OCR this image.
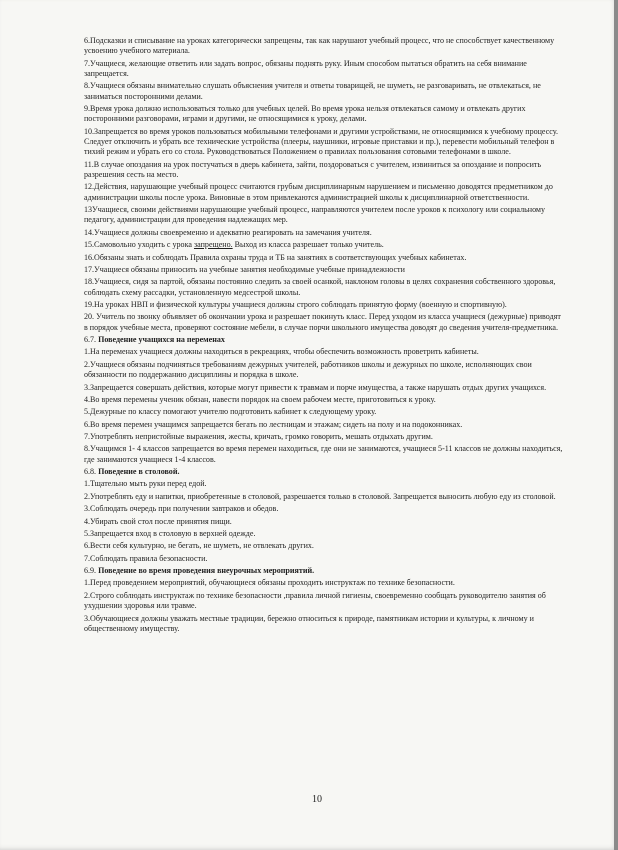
6.Подсказки и списывание на уроках категорически запрещены, так как нарушают учебный процесс, что не способствует качественному усвоению учебного материала.

7.Учащиеся, желающие ответить или задать вопрос, обязаны поднять руку. Иным способом пытаться обратить на себя внимание запрещается.

8.Учащиеся обязаны внимательно слушать объяснения учителя и ответы товарищей, не шуметь, не разговаривать, не отвлекаться, не заниматься посторонними делами.

9.Время урока должно использоваться только для учебных целей. Во время урока нельзя отвлекаться самому и отвлекать других посторонними разговорами, играми и другими, не относящимися к уроку, делами.

10.Запрещается во время уроков пользоваться мобильными телефонами и другими устройствами, не относящимися к учебному процессу. Следует отключить и убрать все технические устройства (плееры, наушники, игровые приставки и пр.), перевести мобильный телефон в тихий режим и убрать его со стола. Руководствоваться Положением о правилах пользования сотовыми телефонами в школе.

11.В случае опоздания на урок постучаться в дверь кабинета, зайти, поздороваться с учителем, извиниться за опоздание и попросить разрешения сесть на место.

12.Действия, нарушающие учебный процесс считаются грубым дисциплинарным нарушением и письменно доводятся предметником до администрации школы после урока. Виновные в этом привлекаются администрацией школы к дисциплинарной ответственности.

13Учащиеся, своими действиями нарушающие учебный процесс, направляются учителем после уроков к психологу или социальному педагогу, администрации для проведения надлежащих мер.

14.Учащиеся должны своевременно и адекватно реагировать на замечания учителя.

15.Самовольно уходить с урока запрещено. Выход из класса разрешает только учитель.

16.Обязаны знать и соблюдать Правила охраны труда и ТБ на занятиях в соответствующих учебных кабинетах.

17.Учащиеся обязаны приносить на учебные занятия необходимые учебные принадлежности

18.Учащиеся, сидя за партой, обязаны постоянно следить за своей осанкой, наклоном головы в целях сохранения собственного здоровья, соблюдать схему рассадки, установленную медсестрой школы.

19.На уроках НВП и физической культуры учащиеся должны строго соблюдать принятую форму (военную и спортивную).

20. Учитель по звонку объявляет об окончании урока и разрешает покинуть класс. Перед уходом из класса учащиеся (дежурные) приводят в порядок учебные места, проверяют состояние мебели, в случае порчи школьного имущества доводят до сведения учителя-предметника.

6.7. Поведение учащихся на переменах

1.На переменах учащиеся должны находиться в рекреациях, чтобы обеспечить возможность проветрить кабинеты.

2.Учащиеся обязаны подчиняться требованиям дежурных учителей, работников школы и дежурных по школе, исполняющих свои обязанности по поддержанию дисциплины и порядка в школе.

3.Запрещается совершать действия, которые могут привести к травмам и порче имущества, а также нарушать отдых других учащихся.

4.Во время перемены ученик обязан, навести порядок на своем рабочем месте, приготовиться к уроку.

5.Дежурные по классу помогают учителю подготовить кабинет к следующему уроку.

6.Во время перемен учащимся запрещается бегать по лестницам и этажам; сидеть на полу и на подоконниках.

7.Употреблять непристойные выражения, жесты, кричать, громко говорить, мешать отдыхать другим.

8.Учащимся 1- 4 классов запрещается во время перемен находиться, где они не занимаются, учащиеся 5-11 классов не должны находиться, где занимаются учащиеся 1-4 классов.

6.8. Поведение в столовой.

1.Тщательно мыть руки перед едой.

2.Употреблять еду и напитки, приобретенные в столовой, разрешается только в столовой. Запрещается выносить любую еду из столовой.

3.Соблюдать очередь при получении завтраков и обедов.

4.Убирать свой стол после принятия пищи.

5.Запрещается вход в столовую в верхней одежде.

6.Вести себя культурно, не бегать, не шуметь, не отвлекать других.

7.Соблюдать правила безопасности.

6.9. Поведение во время проведения внеурочных мероприятий.

1.Перед проведением мероприятий, обучающиеся обязаны проходить инструктаж по технике безопасности.

2.Строго соблюдать инструктаж по технике безопасности ,правила личной гигиены, своевременно сообщать руководителю занятия об ухудшении здоровья или травме.

3.Обучающиеся должны уважать местные традиции, бережно относиться к природе, памятникам истории и культуры, к личному и общественному имуществу.

10
